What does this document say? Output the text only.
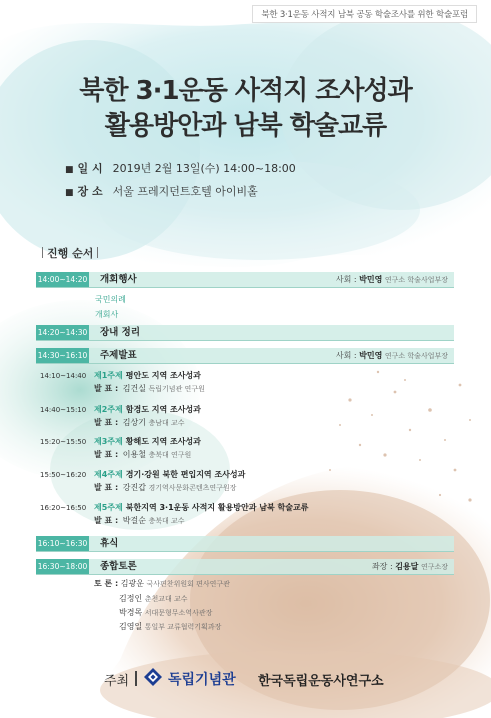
북한 3·1운동 사적지 남북 공동 학술조사를 위한 학술포럼
북한 3·1운동 사적지 조사성과
활용방안과 남북 학술교류
■ 일 시 2019년 2월 13일(수) 14:00~18:00
■ 장 소 서울 프레지던트호텔 아이비홀
진행 순서
14:00~14:20 개회행사	사회 : 박민영 연구소 학술사업부장
국민의례
개회사
14:20~14:30 장내 정리
14:30~16:10 주제발표	사회 : 박민영 연구소 학술사업부장
14:10~14:40 제1주제 평안도 지역 조사성과
발 표 : 김건실 독립기념관 연구원
14:40~15:10 제2주제 함경도 지역 조사성과
발 표 : 김상기 충남대 교수
15:20~15:50 제3주제 황해도 지역 조사성과
발 표 : 이용철 충북대 연구원
15:50~16:20 제4주제 경기·강원 북한 편입지역 조사성과
발 표 : 강진갑 경기역사문화콘텐츠연구원장
16:20~16:50 제5주제 북한지역 3·1운동 사적지 활용방안과 남북 학술교류
발 표 : 박걸순 충북대 교수
16:10~16:30 휴식
16:30~18:00 종합토론	좌장 : 김용달 연구소장
토 론 : 김광운 국사편찬위원회 편사연구관
김정인 춘천교대 교수
박경목 서대문형무소역사관장
김영일 통일부 교류협력기획과장
주최	독립기념관 한국독립운동사연구소
